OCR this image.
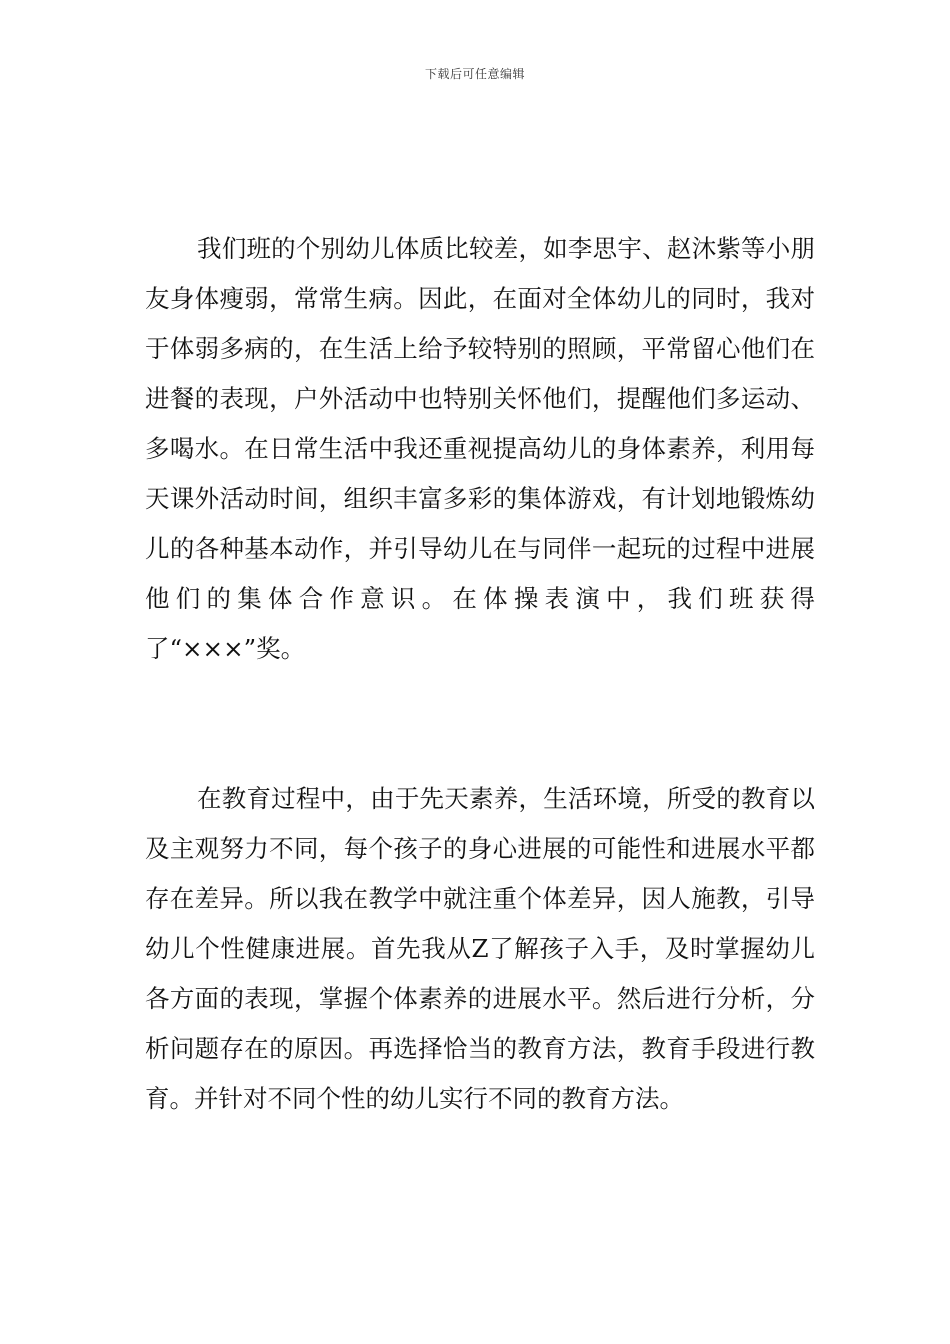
下载后可任意编辑

我们班的个别幼儿体质比较差，如李思宇、赵沐紫等小朋友身体瘦弱，常常生病。因此，在面对全体幼儿的同时，我对于体弱多病的，在生活上给予较特别的照顾，平常留心他们在进餐的表现，户外活动中也特别关怀他们，提醒他们多运动、多喝水。在日常生活中我还重视提高幼儿的身体素养，利用每天课外活动时间，组织丰富多彩的集体游戏，有计划地锻炼幼儿的各种基本动作，并引导幼儿在与同伴一起玩的过程中进展他们的集体合作意识。在体操表演中，我们班获得了“×××”奖。

在教育过程中，由于先天素养，生活环境，所受的教育以及主观努力不同，每个孩子的身心进展的可能性和进展水平都存在差异。所以我在教学中就注重个体差异，因人施教，引导幼儿个性健康进展。首先我从Z了解孩子入手，及时掌握幼儿各方面的表现，掌握个体素养的进展水平。然后进行分析，分析问题存在的原因。再选择恰当的教育方法，教育手段进行教育。并针对不同个性的幼儿实行不同的教育方法。
